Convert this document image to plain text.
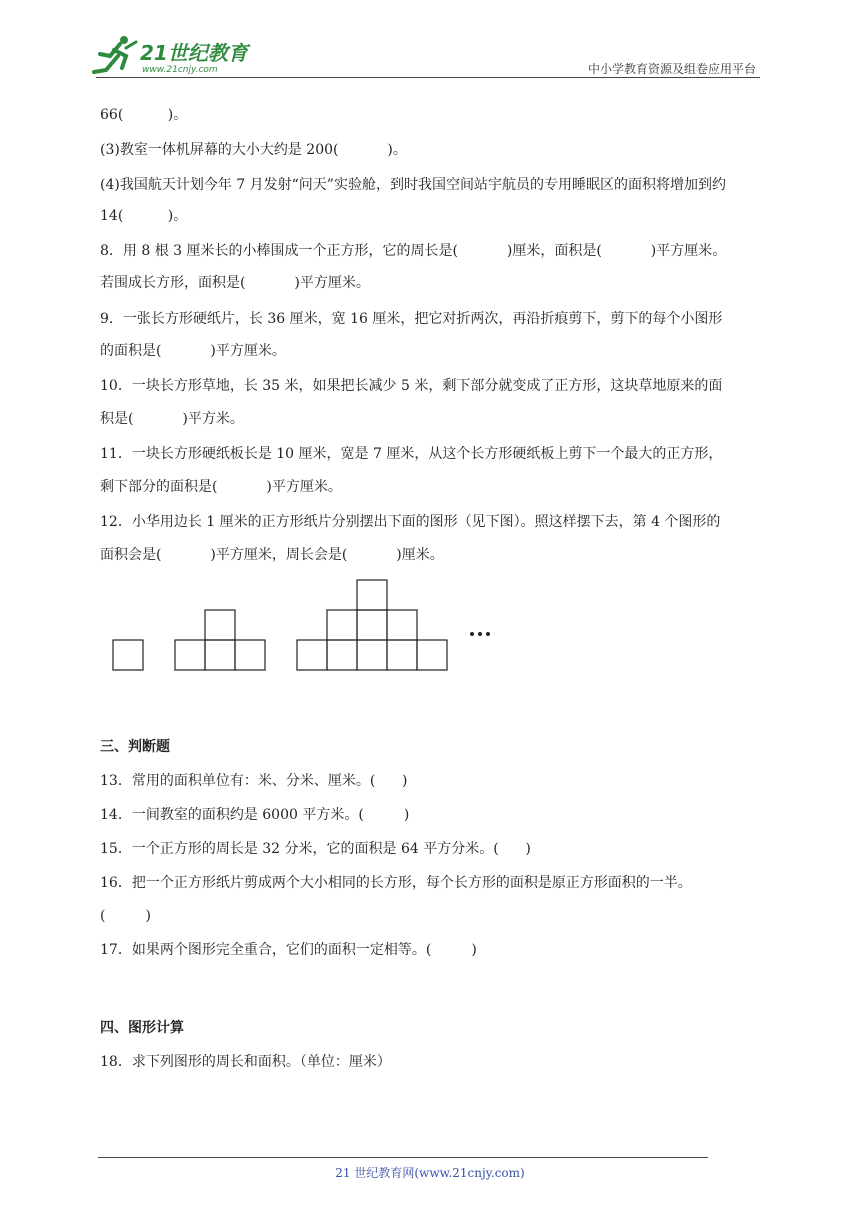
21世纪教育
www.21cnjy.com	中小学教育资源及组卷应用平台
66(          )。
(3)教室一体机屏幕的大小大约是 200(           )。
(4)我国航天计划今年 7 月发射“问天”实验舱，到时我国空间站宇航员的专用睡眠区的面积将增加到约
14(          )。
8．用 8 根 3 厘米长的小棒围成一个正方形，它的周长是(           )厘米，面积是(           )平方厘米。
若围成长方形，面积是(           )平方厘米。
9．一张长方形硬纸片，长 36 厘米，宽 16 厘米，把它对折两次，再沿折痕剪下，剪下的每个小图形
的面积是(           )平方厘米。
10．一块长方形草地，长 35 米，如果把长减少 5 米，剩下部分就变成了正方形，这块草地原来的面
积是(           )平方米。
11．一块长方形硬纸板长是 10 厘米，宽是 7 厘米，从这个长方形硬纸板上剪下一个最大的正方形，
剩下部分的面积是(           )平方厘米。
12．小华用边长 1 厘米的正方形纸片分别摆出下面的图形（见下图）。照这样摆下去，第 4 个图形的
面积会是(           )平方厘米，周长会是(           )厘米。
三、判断题
13．常用的面积单位有：米、分米、厘米。(      )
14．一间教室的面积约是 6000 平方米。(         )
15．一个正方形的周长是 32 分米，它的面积是 64 平方分米。(      )
16．把一个正方形纸片剪成两个大小相同的长方形，每个长方形的面积是原正方形面积的一半。
(         )
17．如果两个图形完全重合，它们的面积一定相等。(         )
四、图形计算
18．求下列图形的周长和面积。（单位：厘米）
21 世纪教育网(www.21cnjy.com)
